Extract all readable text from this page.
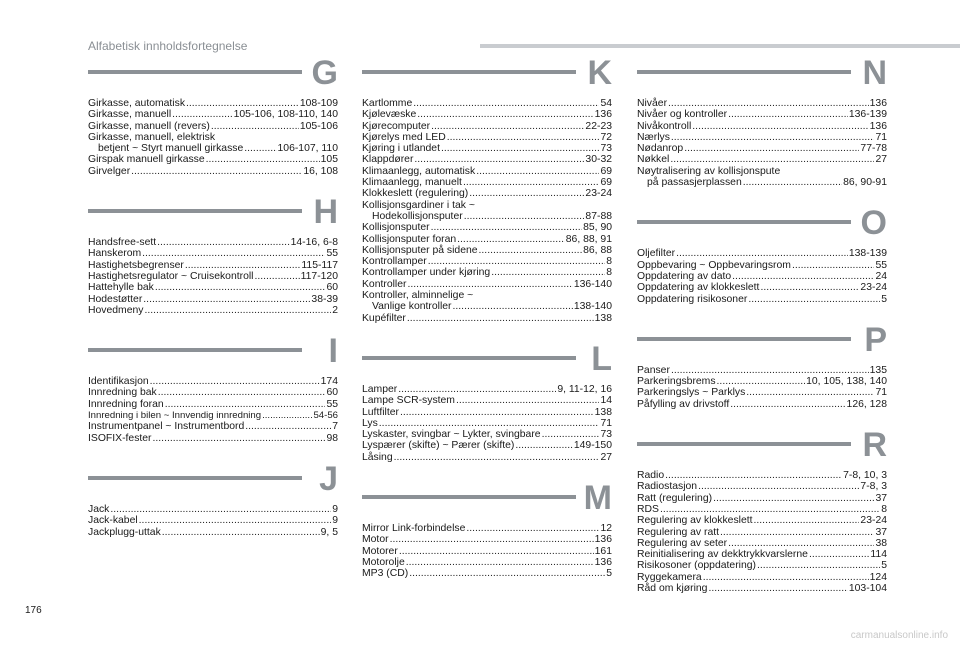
Alfabetisk innholdsfortegnelse
G
Girkasse, automatisk .....	108-109
Girkasse, manuell .....	105-106, 108-110, 140
Girkasse, manuell (revers) .....	105-106
Girkasse, manuell, elektrisk
betjent ~ Styrt manuell girkasse .....	106-107, 110
Girspak manuell girkasse .....	105
Girvelger .....	16, 108
H
Handsfree-sett .....	14-16, 6-8
Hanskerom .....	55
Hastighetsbegrenser .....	115-117
Hastighetsregulator ~ Cruisekontroll .....	117-120
Hattehylle bak .....	60
Hodestøtter .....	38-39
Hovedmeny .....	2
I
Identifikasjon .....	174
Innredning bak .....	60
Innredning foran .....	55
Innredning i bilen ~ Innvendig innredning .....	54-56
Instrumentpanel ~ Instrumentbord .....	7
ISOFIX-fester .....	98
J
Jack .....	9
Jack-kabel .....	9
Jackplugg-uttak .....	9, 5
K
Kartlomme .....	54
Kjølevæske .....	136
Kjørecomputer .....	22-23
Kjørelys med LED .....	72
Kjøring i utlandet .....	73
Klappdører .....	30-32
Klimaanlegg, automatisk .....	69
Klimaanlegg, manuelt .....	69
Klokkeslett (regulering) .....	23-24
Kollisjonsgardiner i tak ~
Hodekollisjonsputer .....	87-88
Kollisjonsputer .....	85, 90
Kollisjonsputer foran .....	86, 88, 91
Kollisjonsputer på sidene .....	86, 88
Kontrollamper .....	8
Kontrollamper under kjøring .....	8
Kontroller .....	136-140
Kontroller, alminnelige ~
Vanlige kontroller .....	138-140
Kupéfilter .....	138
L
Lamper .....	9, 11-12, 16
Lampe SCR-system .....	14
Luftfilter .....	138
Lys .....	71
Lyskaster, svingbar ~ Lykter, svingbare .....	73
Lyspærer (skifte) ~ Pærer (skifte) .....	149-150
Låsing .....	27
M
Mirror Link-forbindelse .....	12
Motor .....	136
Motorer .....	161
Motorolje .....	136
MP3 (CD) .....	5
N
Nivåer .....	136
Nivåer og kontroller .....	136-139
Nivåkontroll .....	136
Nærlys .....	71
Nødanrop .....	77-78
Nøkkel .....	27
Nøytralisering av kollisjonspute
på passasjerplassen .....	86, 90-91
O
Oljefilter .....	138-139
Oppbevaring ~ Oppbevaringsrom .....	55
Oppdatering av dato .....	24
Oppdatering av klokkeslett .....	23-24
Oppdatering risikosoner .....	5
P
Panser .....	135
Parkeringsbrems .....	10, 105, 138, 140
Parkeringslys ~ Parklys .....	71
Påfylling av drivstoff .....	126, 128
R
Radio .....	7-8, 10, 3
Radiostasjon .....	7-8, 3
Ratt (regulering) .....	37
RDS .....	8
Regulering av klokkeslett .....	23-24
Regulering av ratt .....	37
Regulering av seter .....	38
Reinitialisering av dekktrykkvarslerne .....	114
Risikosoner (oppdatering) .....	5
Ryggekamera .....	124
Råd om kjøring .....	103-104
176
carmanualsonline.info
